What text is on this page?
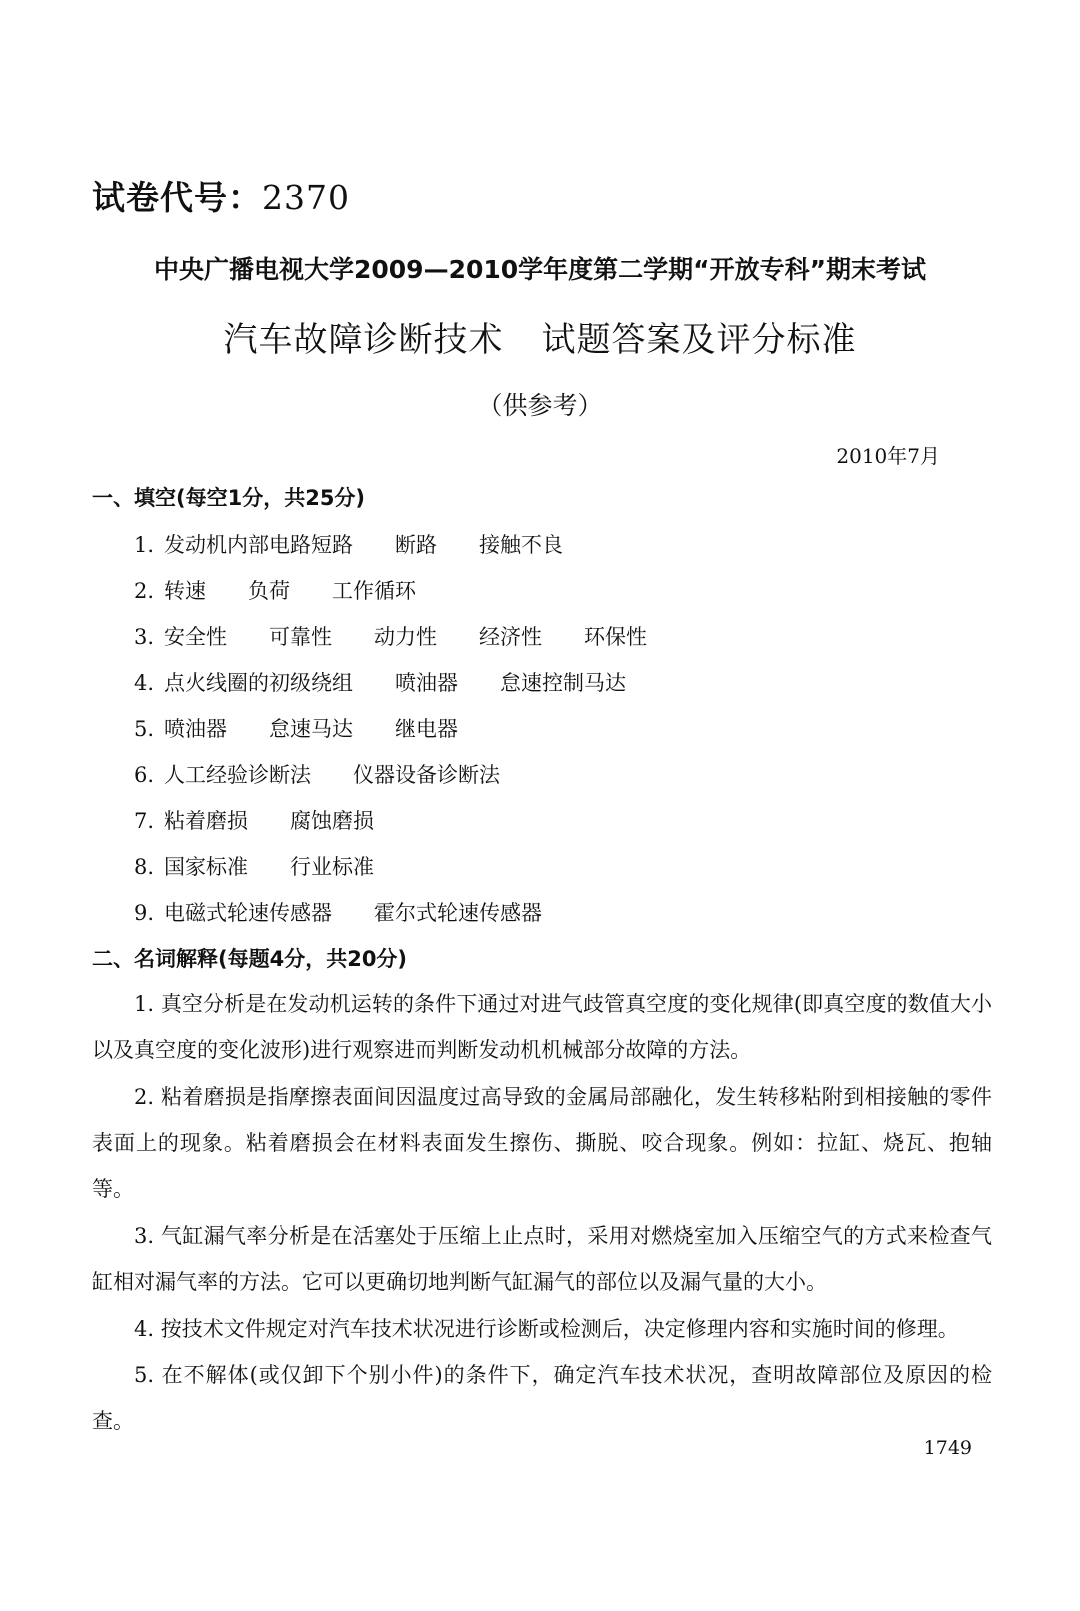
试卷代号：2370
中央广播电视大学2009—2010学年度第二学期“开放专科”期末考试
汽车故障诊断技术 试题答案及评分标准
（供参考）
2010年7月
一、填空(每空1分，共25分)
1. 发动机内部电路短路 断路 接触不良
2. 转速 负荷 工作循环
3. 安全性 可靠性 动力性 经济性 环保性
4. 点火线圈的初级绕组 喷油器 怠速控制马达
5. 喷油器 怠速马达 继电器
6. 人工经验诊断法 仪器设备诊断法
7. 粘着磨损 腐蚀磨损
8. 国家标准 行业标准
9. 电磁式轮速传感器 霍尔式轮速传感器
二、名词解释(每题4分，共20分)
1. 真空分析是在发动机运转的条件下通过对进气歧管真空度的变化规律(即真空度的数值大小以及真空度的变化波形)进行观察进而判断发动机机械部分故障的方法。
2. 粘着磨损是指摩擦表面间因温度过高导致的金属局部融化，发生转移粘附到相接触的零件表面上的现象。粘着磨损会在材料表面发生擦伤、撕脱、咬合现象。例如：拉缸、烧瓦、抱轴等。
3. 气缸漏气率分析是在活塞处于压缩上止点时，采用对燃烧室加入压缩空气的方式来检查气缸相对漏气率的方法。它可以更确切地判断气缸漏气的部位以及漏气量的大小。
4. 按技术文件规定对汽车技术状况进行诊断或检测后，决定修理内容和实施时间的修理。
5. 在不解体(或仅卸下个别小件)的条件下，确定汽车技术状况，查明故障部位及原因的检查。
1749
